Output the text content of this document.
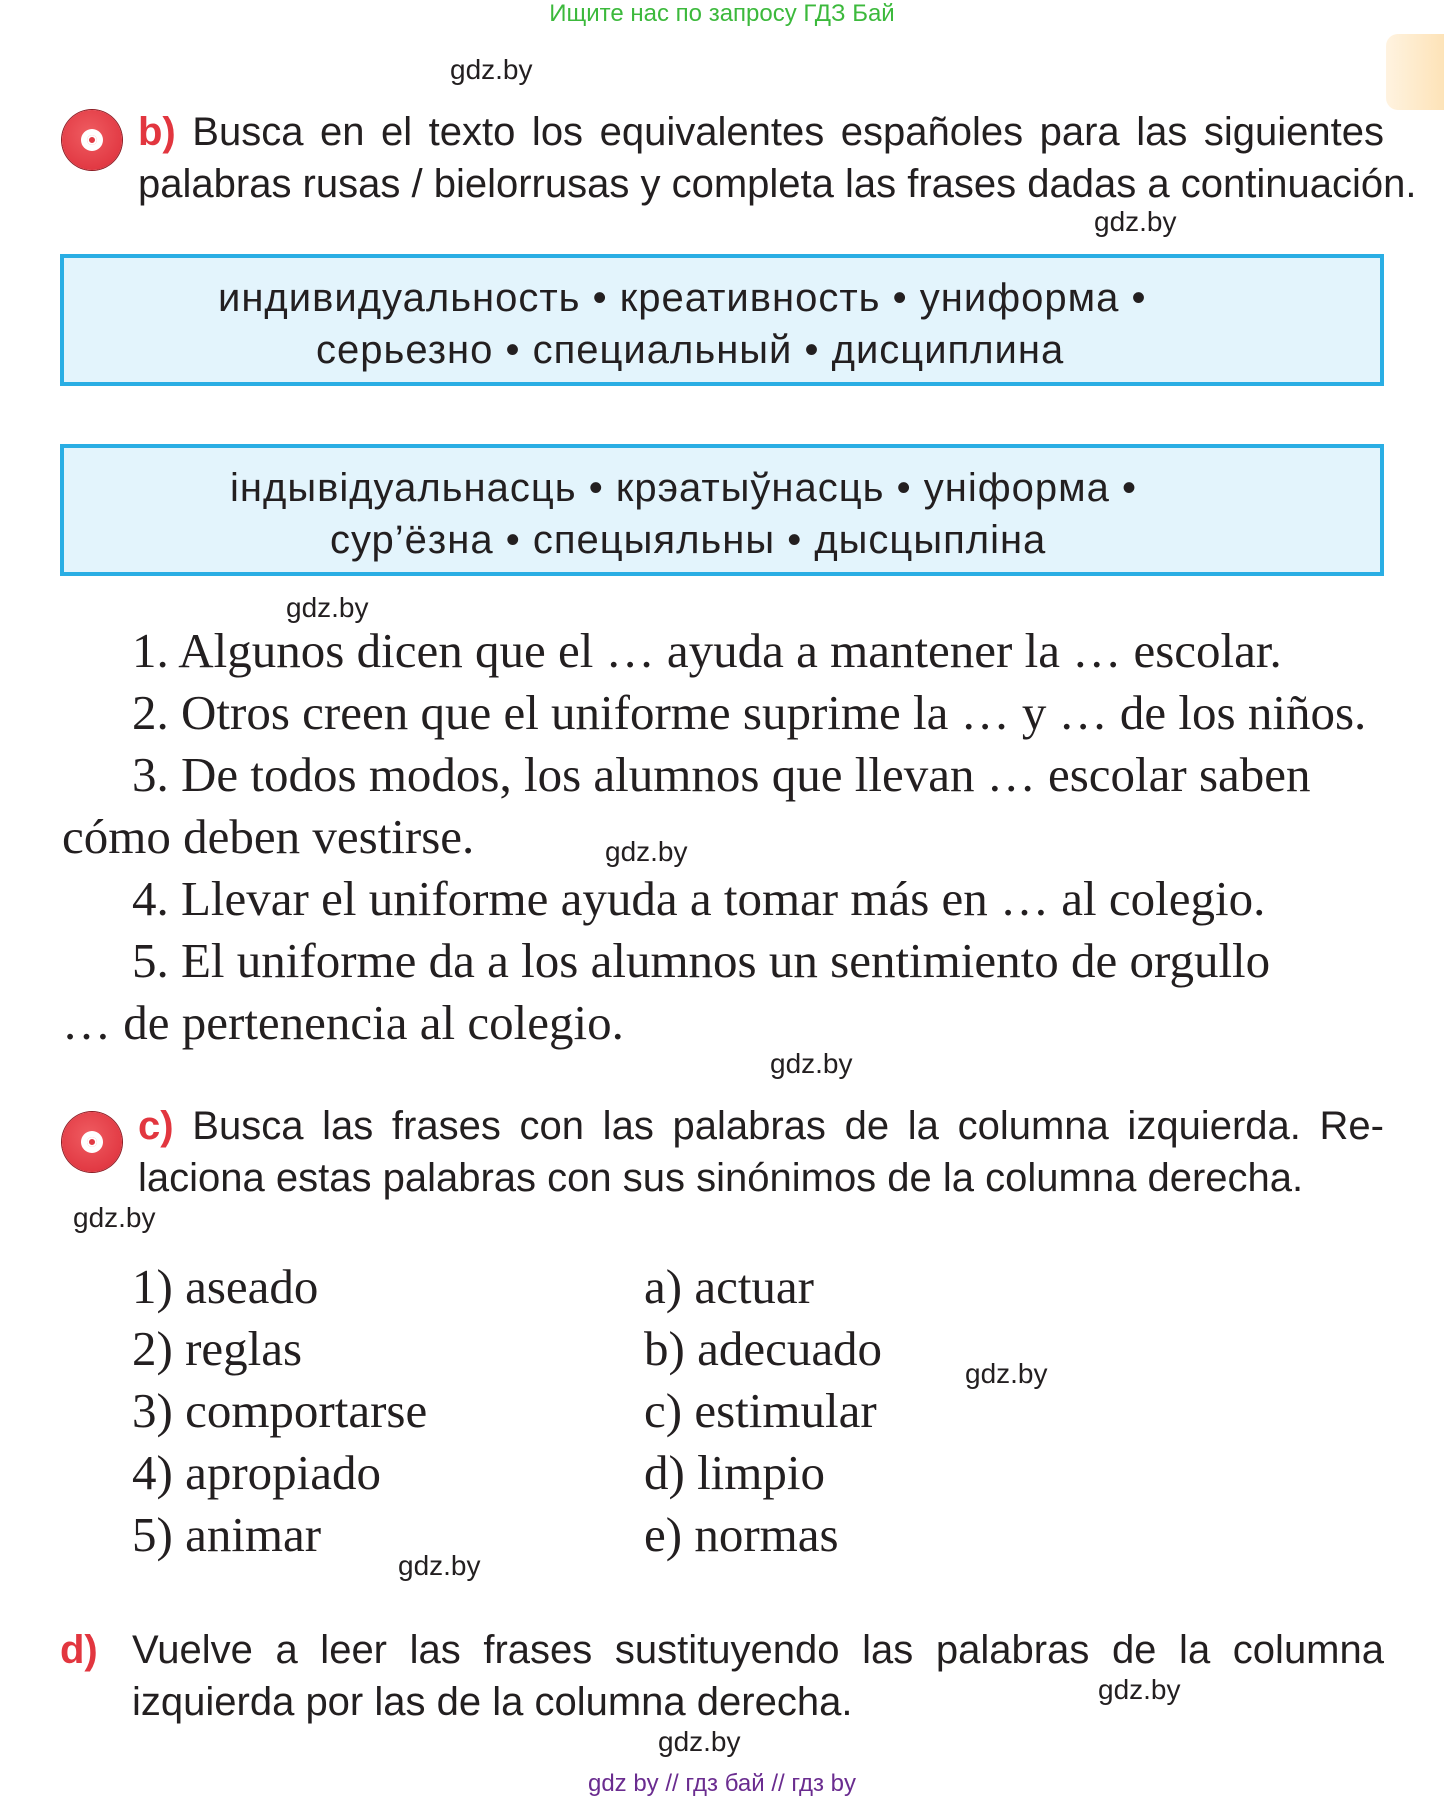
Ищите нас по запросу ГДЗ Бай
gdz.by
gdz.by
gdz.by
gdz.by
gdz.by
gdz.by
gdz.by
gdz.by
gdz.by
gdz.by
b) Busca en el texto los equivalentes españoles para las siguientes
palabras rusas / bielorrusas y completa las frases dadas a continuación.
индивидуальность • креативность • униформа •
серьезно • специальный • дисциплина
індывідуальнасць • крэатыўнасць • уніформа •
сур’ёзна • спецыяльны • дысцыпліна
1. Algunos dicen que el … ayuda a mantener la … escolar.
2. Otros creen que el uniforme suprime la … y … de los niños.
3. De todos modos, los alumnos que llevan … escolar saben
cómo deben vestirse.
4. Llevar el uniforme ayuda a tomar más en … al colegio.
5. El uniforme da a los alumnos un sentimiento de orgullo
… de pertenencia al colegio.
c) Busca las frases con las palabras de la columna izquierda. Re-
laciona estas palabras con sus sinónimos de la columna derecha.
1) aseado
2) reglas
3) comportarse
4) apropiado
5) animar
a) actuar
b) adecuado
c) estimular
d) limpio
e) normas
d) Vuelve a leer las frases sustituyendo las palabras de la columna
izquierda por las de la columna derecha.
gdz by // гдз бай // гдз by
